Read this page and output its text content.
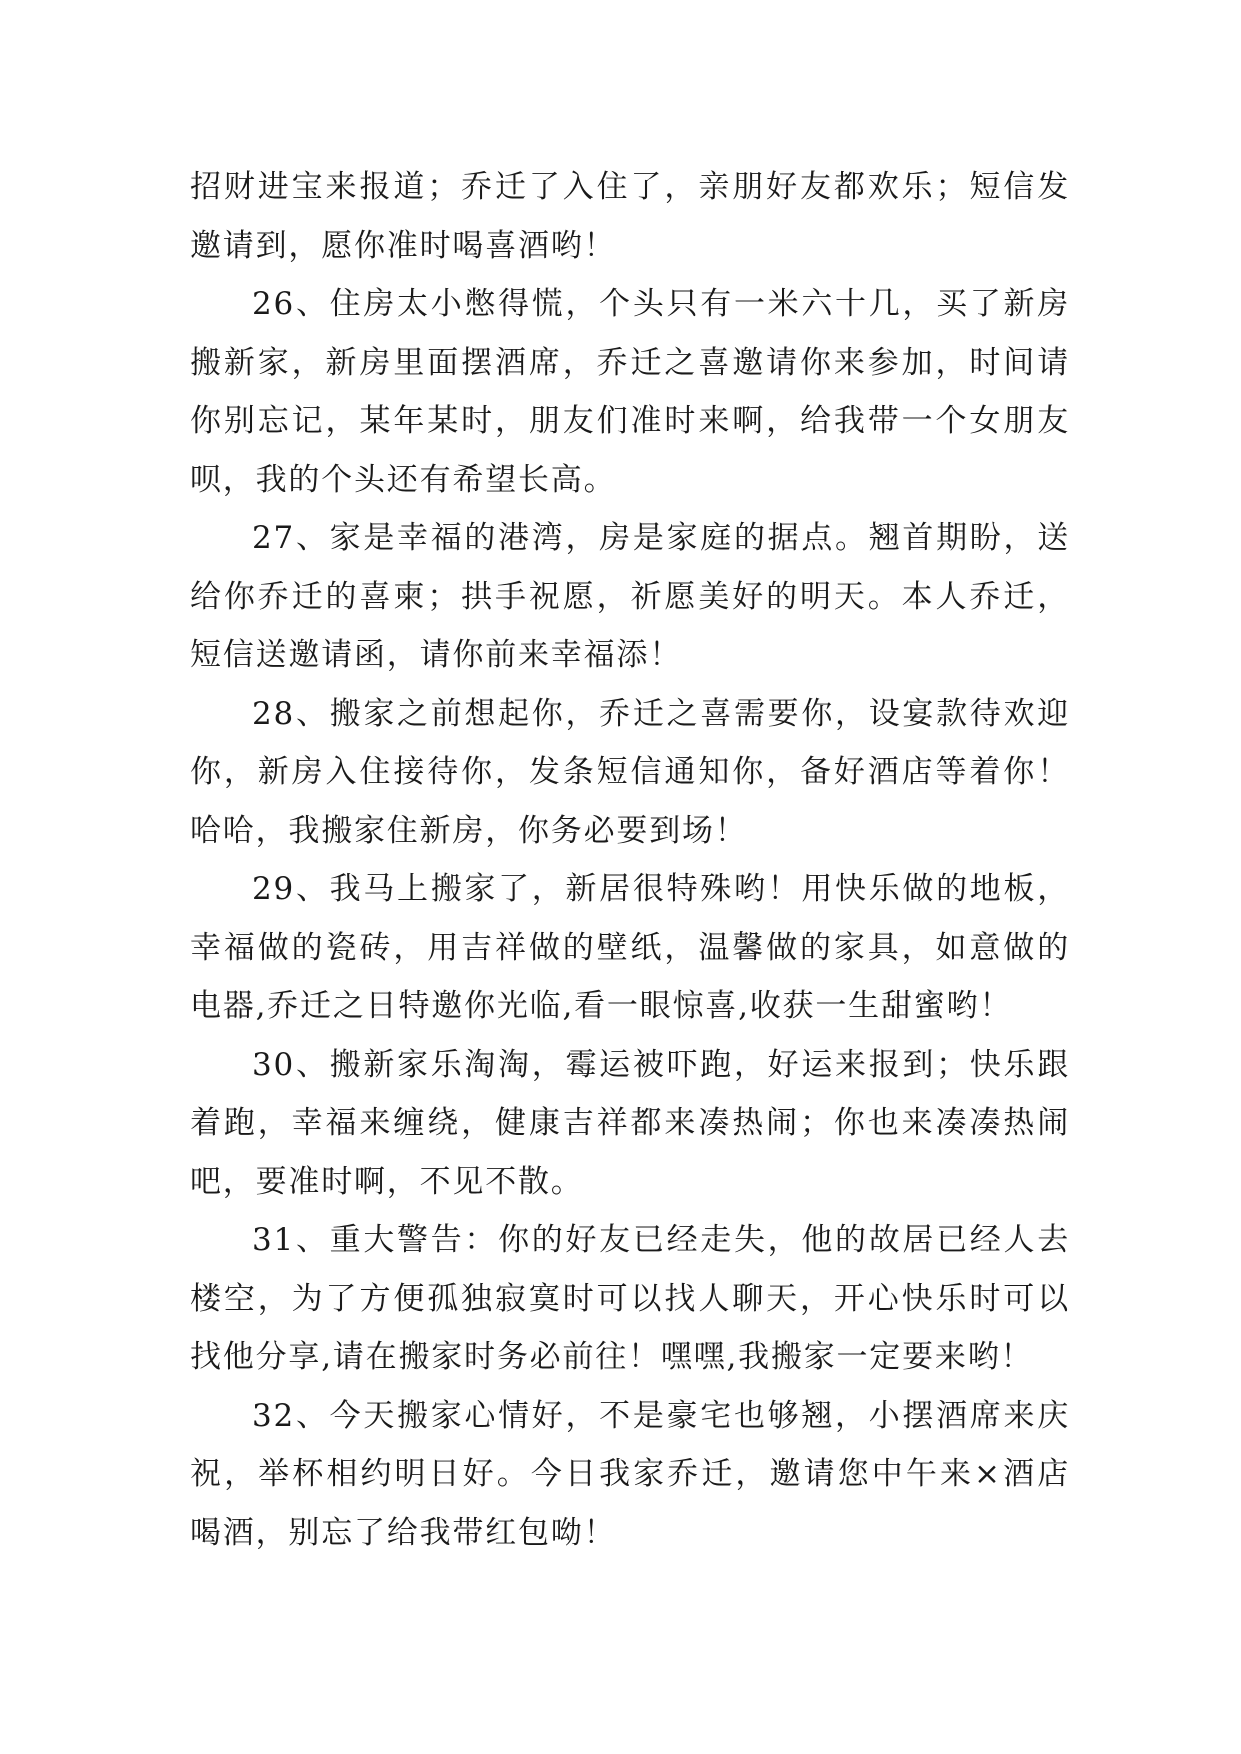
招财进宝来报道；乔迁了入住了，亲朋好友都欢乐；短信发邀请到，愿你准时喝喜酒哟！

26、住房太小憋得慌，个头只有一米六十几，买了新房搬新家，新房里面摆酒席，乔迁之喜邀请你来参加，时间请你别忘记，某年某时，朋友们准时来啊，给我带一个女朋友呗，我的个头还有希望长高。

27、家是幸福的港湾，房是家庭的据点。翘首期盼，送给你乔迁的喜柬；拱手祝愿，祈愿美好的明天。本人乔迁，短信送邀请函，请你前来幸福添！

28、搬家之前想起你，乔迁之喜需要你，设宴款待欢迎你，新房入住接待你，发条短信通知你，备好酒店等着你！哈哈，我搬家住新房，你务必要到场！

29、我马上搬家了，新居很特殊哟！用快乐做的地板，幸福做的瓷砖，用吉祥做的壁纸，温馨做的家具，如意做的电器,乔迁之日特邀你光临,看一眼惊喜,收获一生甜蜜哟！

30、搬新家乐淘淘，霉运被吓跑，好运来报到；快乐跟着跑，幸福来缠绕，健康吉祥都来凑热闹；你也来凑凑热闹吧，要准时啊，不见不散。

31、重大警告：你的好友已经走失，他的故居已经人去楼空，为了方便孤独寂寞时可以找人聊天，开心快乐时可以找他分享,请在搬家时务必前往！嘿嘿,我搬家一定要来哟！

32、今天搬家心情好，不是豪宅也够翘，小摆酒席来庆祝，举杯相约明日好。今日我家乔迁，邀请您中午来×酒店喝酒，别忘了给我带红包呦！
